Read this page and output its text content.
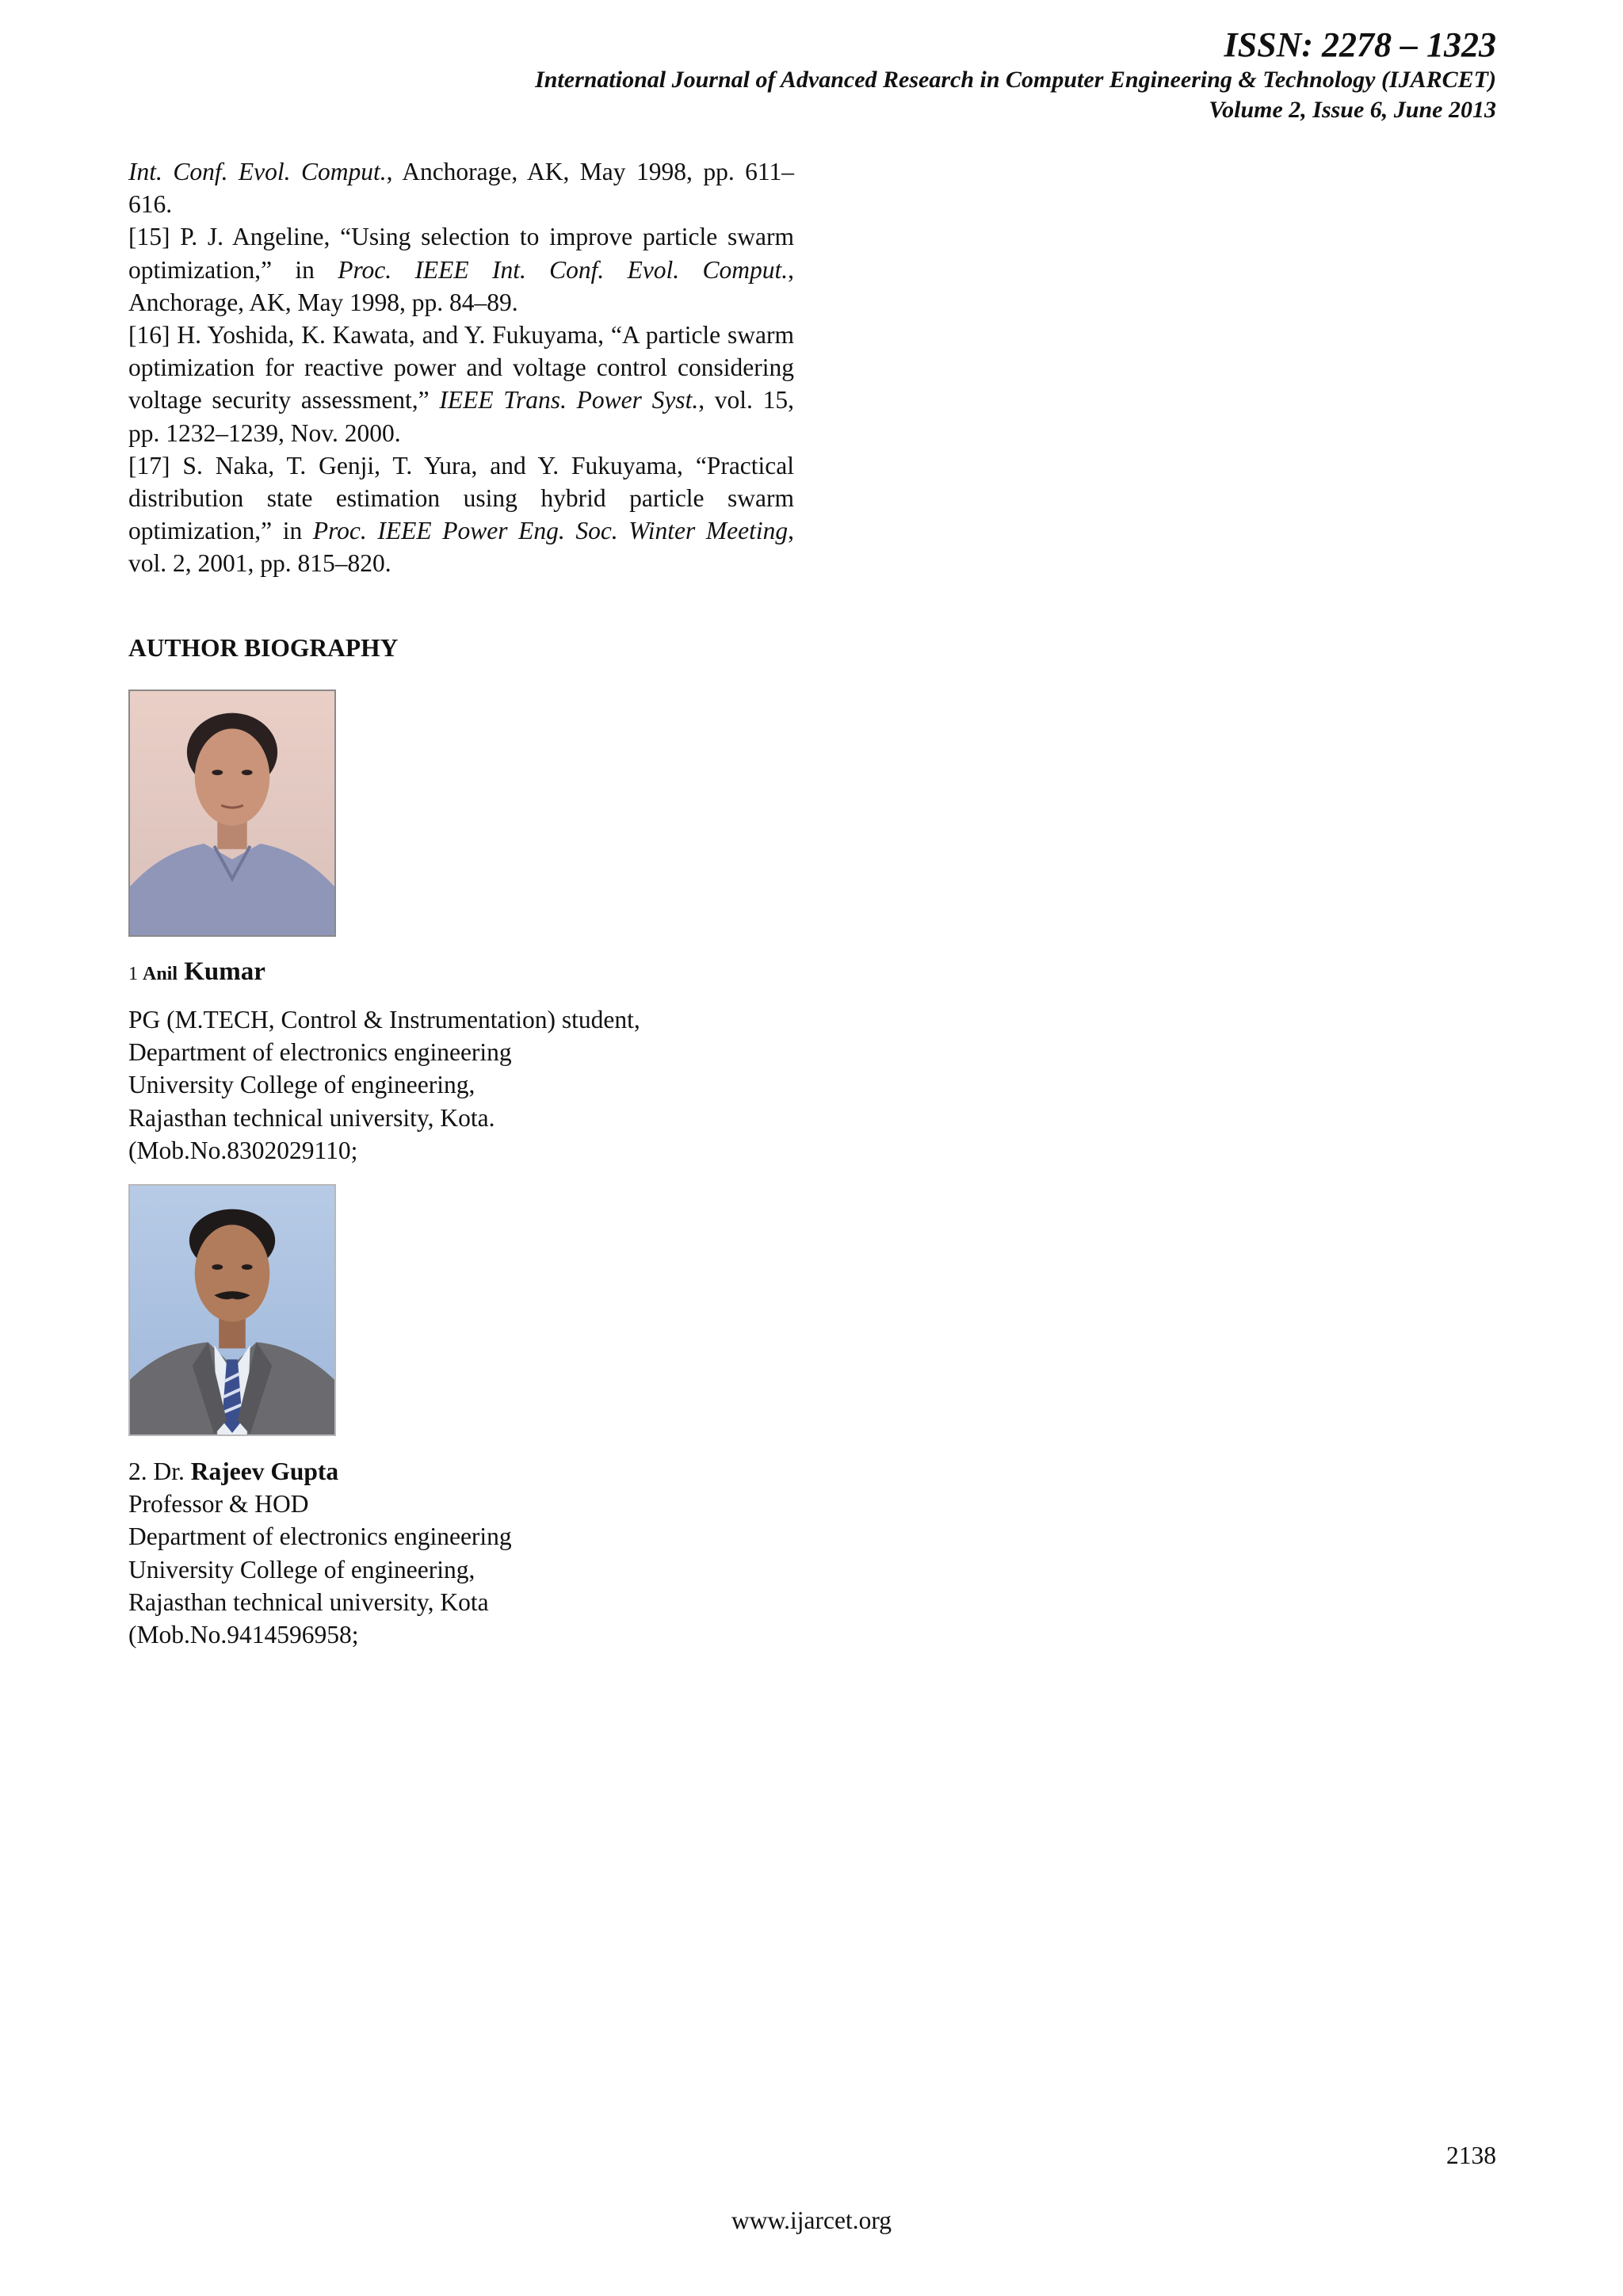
ISSN: 2278 – 1323
International Journal of Advanced Research in Computer Engineering & Technology (IJARCET)
Volume 2, Issue 6, June 2013

Int. Conf. Evol. Comput., Anchorage, AK, May 1998, pp. 611–616.

[15] P. J. Angeline, “Using selection to improve particle swarm optimization,” in Proc. IEEE Int. Conf. Evol. Comput., Anchorage, AK, May 1998, pp. 84–89.

[16] H. Yoshida, K. Kawata, and Y. Fukuyama, “A particle swarm optimization for reactive power and voltage control considering voltage security assessment,” IEEE Trans. Power Syst., vol. 15, pp. 1232–1239, Nov. 2000.

[17] S. Naka, T. Genji, T. Yura, and Y. Fukuyama, “Practical distribution state estimation using hybrid particle swarm optimization,” in Proc. IEEE Power Eng. Soc. Winter Meeting, vol. 2, 2001, pp. 815–820.

AUTHOR BIOGRAPHY
1 Anil Kumar
PG (M.TECH, Control & Instrumentation) student,
Department of electronics engineering
University College of engineering,
Rajasthan technical university, Kota.
(Mob.No.8302029110;
2. Dr. Rajeev Gupta
Professor & HOD
Department of electronics engineering
University College of engineering,
Rajasthan technical university, Kota
(Mob.No.9414596958;
2138
www.ijarcet.org
